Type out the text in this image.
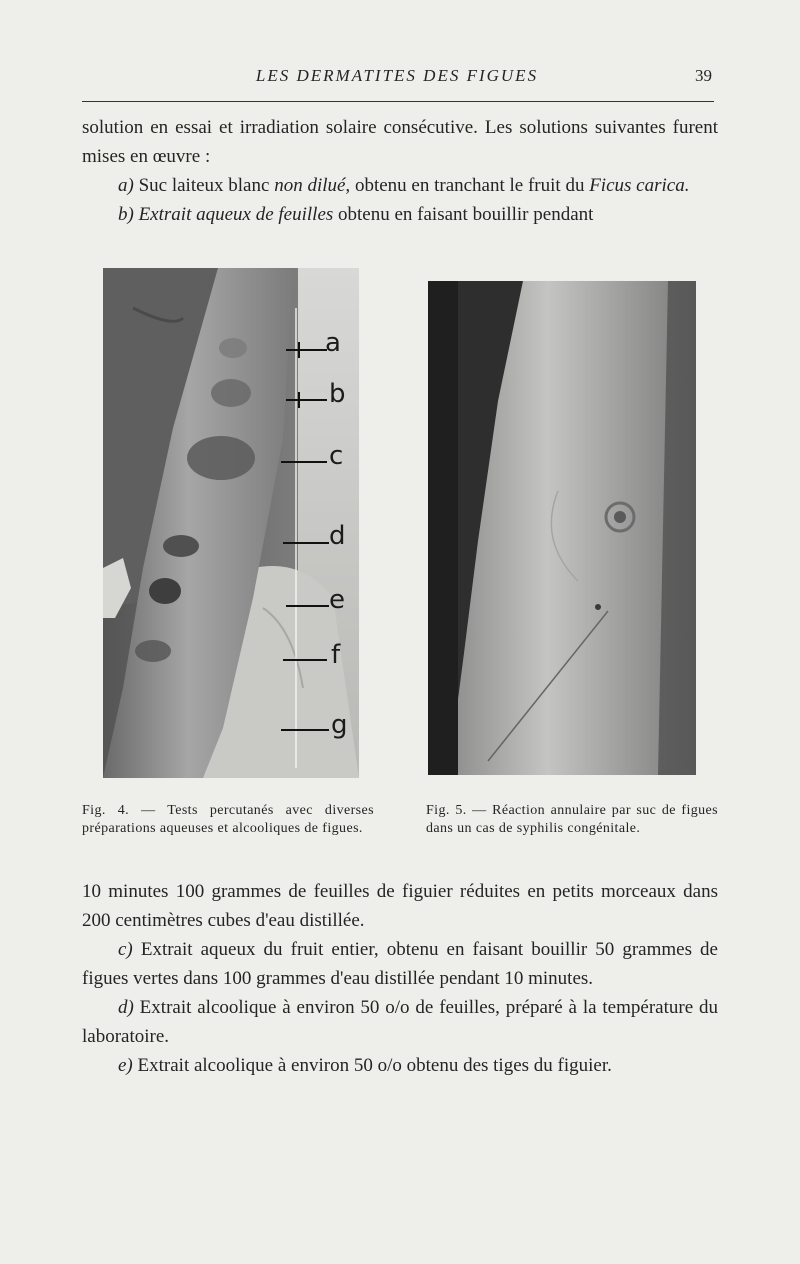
LES DERMATITES DES FIGUES	39

solution en essai et irradiation solaire consécutive. Les solutions suivantes furent mises en œuvre :

a) Suc laiteux blanc non dilué, obtenu en tranchant le fruit du Ficus carica.

b) Extrait aqueux de feuilles obtenu en faisant bouillir pendant

a
b
c
d
e
f
g
Fig. 4. — Tests percutanés avec diverses préparations aqueuses et alcooliques de figues.
Fig. 5. — Réaction annulaire par suc de figues dans un cas de syphilis congénitale.

10 minutes 100 grammes de feuilles de figuier réduites en petits morceaux dans 200 centimètres cubes d'eau distillée.

c) Extrait aqueux du fruit entier, obtenu en faisant bouillir 50 grammes de figues vertes dans 100 grammes d'eau distillée pendant 10 minutes.

d) Extrait alcoolique à environ 50 o/o de feuilles, préparé à la température du laboratoire.

e) Extrait alcoolique à environ 50 o/o obtenu des tiges du figuier.
